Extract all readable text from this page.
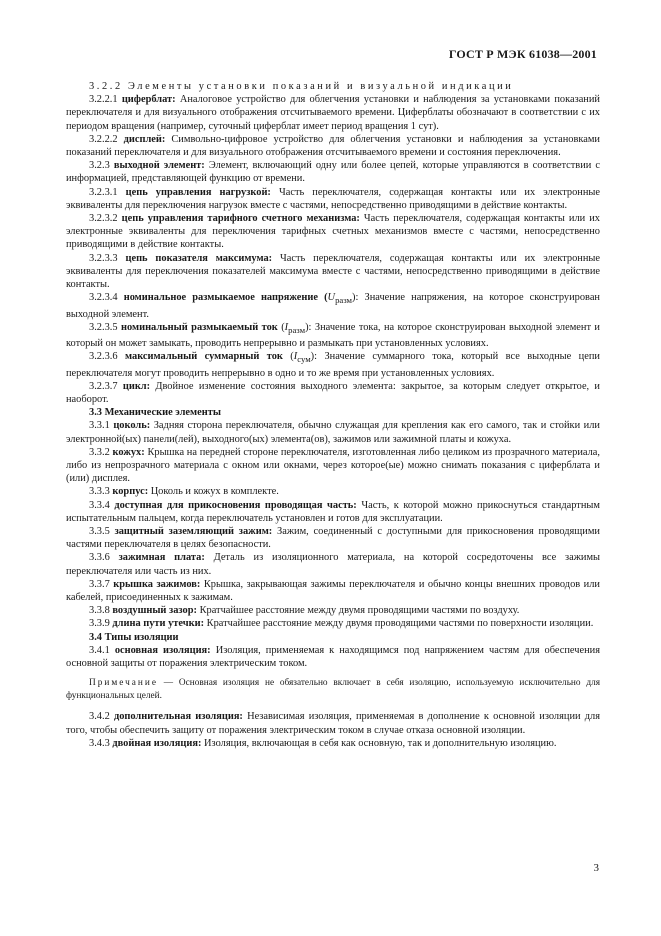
ГОСТ Р МЭК 61038—2001

3.2.2 Элементы установки показаний и визуальной индикации

3.2.2.1 циферблат: Аналоговое устройство для облегчения установки и наблюдения за установками показаний переключателя и для визуального отображения отсчитываемого времени. Циферблаты обозначают в соответствии с их периодом вращения (например, суточный циферблат имеет период вращения 1 сут).

3.2.2.2 дисплей: Символьно-цифровое устройство для облегчения установки и наблюдения за установками показаний переключателя и для визуального отображения отсчитываемого времени и состояния переключения.

3.2.3 выходной элемент: Элемент, включающий одну или более цепей, которые управляются в соответствии с информацией, представляющей функцию от времени.

3.2.3.1 цепь управления нагрузкой: Часть переключателя, содержащая контакты или их электронные эквиваленты для переключения нагрузок вместе с частями, непосредственно приводящими в действие контакты.

3.2.3.2 цепь управления тарифного счетного механизма: Часть переключателя, содержащая контакты или их электронные эквиваленты для переключения тарифных счетных механизмов вместе с частями, непосредственно приводящими в действие контакты.

3.2.3.3 цепь показателя максимума: Часть переключателя, содержащая контакты или их электронные эквиваленты для переключения показателей максимума вместе с частями, непосредственно приводящими в действие контакты.

3.2.3.4 номинальное размыкаемое напряжение $(U_{разм})$: Значение напряжения, на которое сконструирован выходной элемент.

3.2.3.5 номинальный размыкаемый ток $(I_{разм})$: Значение тока, на которое сконструирован выходной элемент и который он может замыкать, проводить непрерывно и размыкать при установленных условиях.

3.2.3.6 максимальный суммарный ток $(I_{сум})$: Значение суммарного тока, который все выходные цепи переключателя могут проводить непрерывно в одно и то же время при установленных условиях.

3.2.3.7 цикл: Двойное изменение состояния выходного элемента: закрытое, за которым следует открытое, и наоборот.

3.3 Механические элементы

3.3.1 цоколь: Задняя сторона переключателя, обычно служащая для крепления как его самого, так и стойки или электронной(ых) панели(лей), выходного(ых) элемента(ов), зажимов или зажимной платы и кожуха.

3.3.2 кожух: Крышка на передней стороне переключателя, изготовленная либо целиком из прозрачного материала, либо из непрозрачного материала с окном или окнами, через которое(ые) можно снимать показания с циферблата и (или) дисплея.

3.3.3 корпус: Цоколь и кожух в комплекте.

3.3.4 доступная для прикосновения проводящая часть: Часть, к которой можно прикоснуться стандартным испытательным пальцем, когда переключатель установлен и готов для эксплуатации.

3.3.5 защитный заземляющий зажим: Зажим, соединенный с доступными для прикосновения проводящими частями переключателя в целях безопасности.

3.3.6 зажимная плата: Деталь из изоляционного материала, на которой сосредоточены все зажимы переключателя или часть из них.

3.3.7 крышка зажимов: Крышка, закрывающая зажимы переключателя и обычно концы внешних проводов или кабелей, присоединенных к зажимам.

3.3.8 воздушный зазор: Кратчайшее расстояние между двумя проводящими частями по воздуху.

3.3.9 длина пути утечки: Кратчайшее расстояние между двумя проводящими частями по поверхности изоляции.

3.4 Типы изоляции

3.4.1 основная изоляция: Изоляция, применяемая к находящимся под напряжением частям для обеспечения основной защиты от поражения электрическим током.

Примечание — Основная изоляция не обязательно включает в себя изоляцию, используемую исключительно для функциональных целей.

3.4.2 дополнительная изоляция: Независимая изоляция, применяемая в дополнение к основной изоляции для того, чтобы обеспечить защиту от поражения электрическим током в случае отказа основной изоляции.

3.4.3 двойная изоляция: Изоляция, включающая в себя как основную, так и дополнительную изоляцию.

3
